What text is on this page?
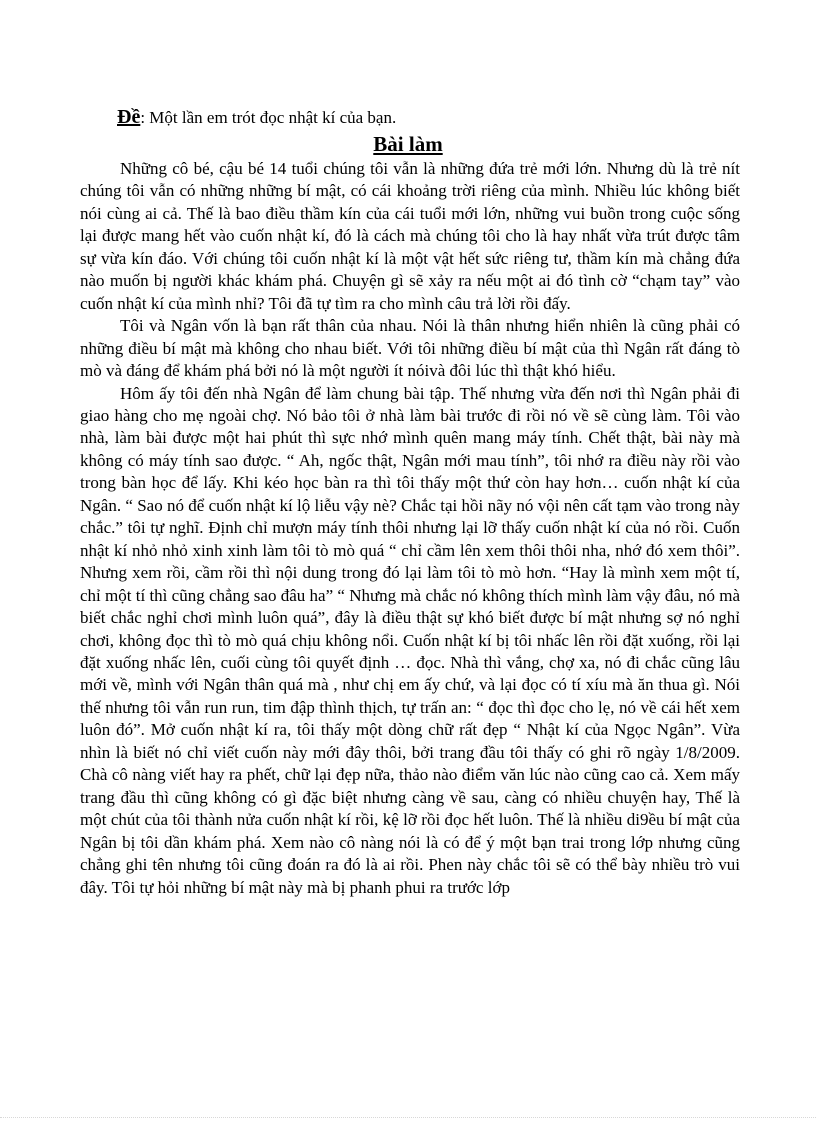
Đề: Một lần em trót đọc nhật kí của bạn.
Bài làm

Những cô bé, cậu bé 14 tuổi chúng tôi vẫn là những đứa trẻ mới lớn. Nhưng dù là trẻ nít chúng tôi vẫn có những những bí mật, có cái khoảng trời riêng của mình. Nhiều lúc không biết nói cùng ai cả. Thế là bao điều thầm kín của cái tuổi mới lớn, những vui buồn trong cuộc sống lại được mang hết vào cuốn nhật kí, đó là cách mà chúng tôi cho là hay nhất vừa trút được tâm sự vừa kín đáo. Với chúng tôi cuốn nhật kí là một vật hết sức riêng tư, thầm kín mà chẳng đứa nào muốn bị người khác khám phá. Chuyện gì sẽ xảy ra nếu một ai đó tình cờ “chạm tay” vào cuốn nhật kí của mình nhỉ? Tôi đã tự tìm ra cho mình câu trả lời rồi đấy.

Tôi và Ngân vốn là bạn rất thân của nhau. Nói là thân nhưng hiển nhiên là cũng phải có những điều bí mật mà không cho nhau biết. Với tôi những điều bí mật của thì Ngân rất đáng tò mò và đáng để khám phá bởi nó là một người ít nóivà đôi lúc thì thật khó hiểu.

Hôm ấy tôi đến nhà Ngân để làm chung bài tập. Thế nhưng vừa đến nơi thì Ngân phải đi giao hàng cho mẹ ngoài chợ. Nó bảo tôi ở nhà làm bài trước đi rồi nó về sẽ cùng làm. Tôi vào nhà, làm bài được một hai phút thì sực nhớ mình quên mang máy tính. Chết thật, bài này mà không có máy tính sao được. “ Ah, ngốc thật, Ngân mới mau tính”, tôi nhớ ra điều này rồi vào trong bàn học để lấy. Khi kéo học bàn ra thì tôi thấy một thứ còn hay hơn… cuốn nhật kí của Ngân. “ Sao nó để cuốn nhật kí lộ liễu vậy nè? Chắc tại hồi nãy nó vội nên cất tạm vào trong này chắc.” tôi tự nghĩ. Định chỉ mượn máy tính thôi nhưng lại lỡ thấy cuốn nhật kí của nó rồi. Cuốn nhật kí nhỏ nhỏ xinh xinh làm tôi tò mò quá “ chỉ cầm lên xem thôi thôi nha, nhớ đó xem thôi”. Nhưng xem rồi, cầm rồi thì nội dung trong đó lại làm tôi tò mò hơn. “Hay là mình xem một tí, chỉ một tí thì cũng chẳng sao đâu ha” “ Nhưng mà chắc nó không thích mình làm vậy đâu, nó mà biết chắc nghỉ chơi mình luôn quá”, đây là điều thật sự khó biết được bí mật nhưng sợ nó nghỉ chơi, không đọc thì tò mò quá chịu không nổi. Cuốn nhật kí bị tôi nhấc lên rồi đặt xuống, rồi lại đặt xuống nhấc lên, cuối cùng tôi quyết định … đọc. Nhà thì vắng, chợ xa, nó đi chắc cũng lâu mới về, mình với Ngân thân quá mà , như chị em ấy chứ, và lại đọc có tí xíu mà ăn thua gì. Nói thế nhưng tôi vẫn run run, tim đập thình thịch, tự trấn an: “ đọc thì đọc cho lẹ, nó về cái hết xem luôn đó”. Mở cuốn nhật kí ra, tôi thấy một dòng chữ rất đẹp “ Nhật kí của Ngọc Ngân”. Vừa nhìn là biết nó chỉ viết cuốn này mới đây thôi, bởi trang đầu tôi thấy có ghi rõ ngày 1/8/2009. Chà cô nàng viết hay ra phết, chữ lại đẹp nữa, thảo nào điểm văn lúc nào cũng cao cả. Xem mấy trang đầu thì cũng không có gì đặc biệt nhưng càng về sau, càng có nhiều chuyện hay, Thế là một chút của tôi thành nửa cuốn nhật kí rồi, kệ lỡ rồi đọc hết luôn. Thế là nhiều di9ều bí mật của Ngân bị tôi dần khám phá. Xem nào cô nàng nói là có để ý một bạn trai trong lớp nhưng cũng chẳng ghi tên nhưng tôi cũng đoán ra đó là ai rồi. Phen này chắc tôi sẽ có thể bày nhiều trò vui đây. Tôi tự hỏi những bí mật này mà bị phanh phui ra trước lớp
